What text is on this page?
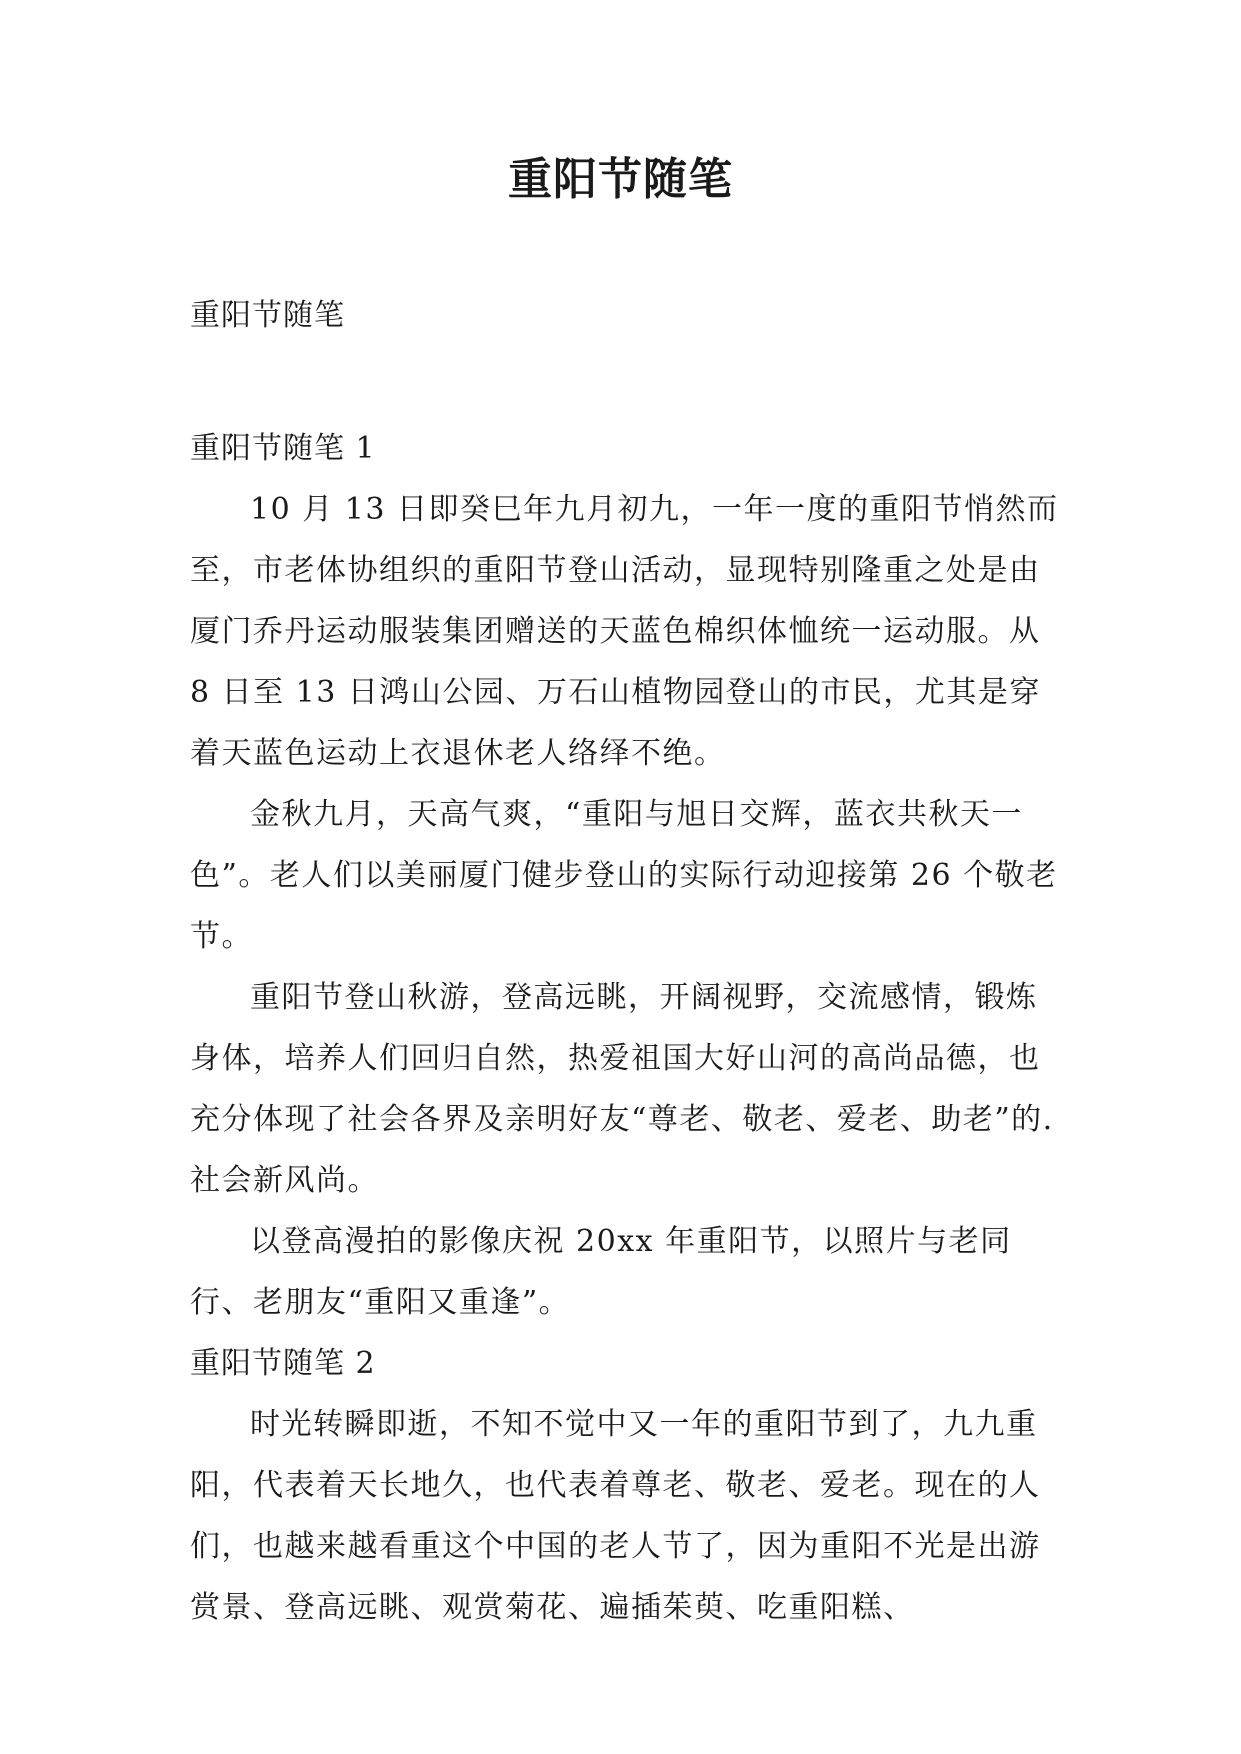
重阳节随笔
重阳节随笔
重阳节随笔 1

10 月 13 日即癸巳年九月初九，一年一度的重阳节悄然而至，市老体协组织的重阳节登山活动，显现特别隆重之处是由厦门乔丹运动服装集团赠送的天蓝色棉织体恤统一运动服。从 8 日至 13 日鸿山公园、万石山植物园登山的市民，尤其是穿着天蓝色运动上衣退休老人络绎不绝。

金秋九月，天高气爽，“重阳与旭日交辉，蓝衣共秋天一色”。老人们以美丽厦门健步登山的实际行动迎接第 26 个敬老节。

重阳节登山秋游，登高远眺，开阔视野，交流感情，锻炼身体，培养人们回归自然，热爱祖国大好山河的高尚品德，也充分体现了社会各界及亲明好友“尊老、敬老、爱老、助老”的.社会新风尚。

以登高漫拍的影像庆祝 20xx 年重阳节，以照片与老同行、老朋友“重阳又重逢”。

重阳节随笔 2

时光转瞬即逝，不知不觉中又一年的重阳节到了，九九重阳，代表着天长地久，也代表着尊老、敬老、爱老。现在的人们，也越来越看重这个中国的老人节了，因为重阳不光是出游赏景、登高远眺、观赏菊花、遍插茱萸、吃重阳糕、
